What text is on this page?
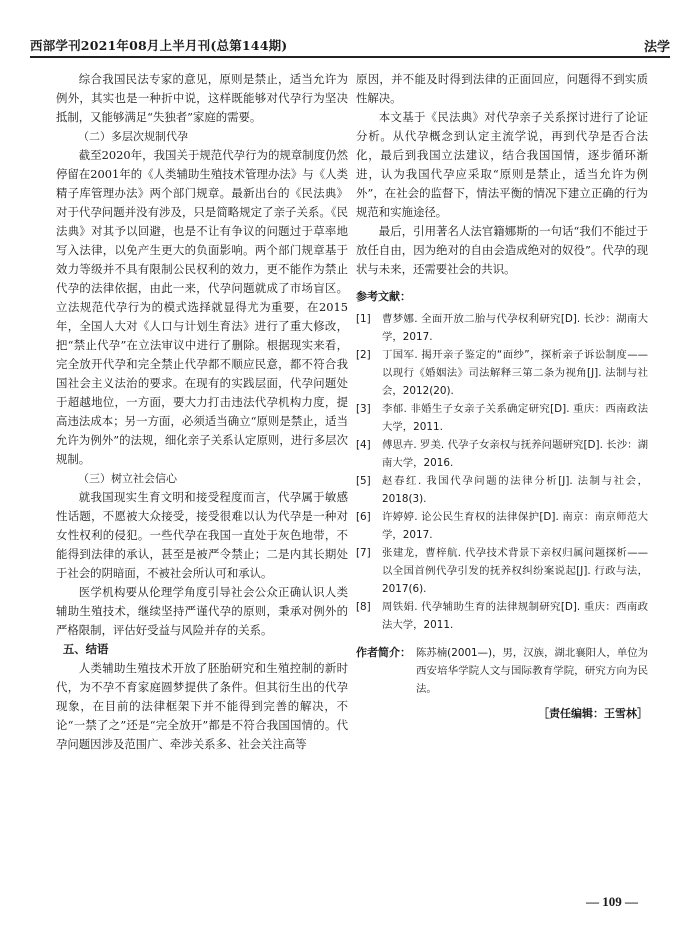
西部学刊2021年08月上半月刊(总第144期)	法学

综合我国民法专家的意见，原则是禁止，适当允许为例外，其实也是一种折中说，这样既能够对代孕行为坚决抵制，又能够满足“失独者”家庭的需要。

（二）多层次规制代孕

截至2020年，我国关于规范代孕行为的规章制度仍然停留在2001年的《人类辅助生殖技术管理办法》与《人类精子库管理办法》两个部门规章。最新出台的《民法典》对于代孕问题并没有涉及，只是简略规定了亲子关系。《民法典》对其予以回避，也是不让有争议的问题过于草率地写入法律，以免产生更大的负面影响。两个部门规章基于效力等级并不具有限制公民权利的效力，更不能作为禁止代孕的法律依据，由此一来，代孕问题就成了市场盲区。立法规范代孕行为的模式选择就显得尤为重要，在2015年，全国人大对《人口与计划生育法》进行了重大修改，把“禁止代孕”在立法审议中进行了删除。根据现实来看，完全放开代孕和完全禁止代孕都不顺应民意，都不符合我国社会主义法治的要求。在现有的实践层面，代孕问题处于超越地位，一方面，要大力打击违法代孕机构力度，提高违法成本；另一方面，必须适当确立“原则是禁止，适当允许为例外”的法规，细化亲子关系认定原则，进行多层次规制。

（三）树立社会信心

就我国现实生育文明和接受程度而言，代孕属于敏感性话题，不愿被大众接受，接受很难以认为代孕是一种对女性权利的侵犯。一些代孕在我国一直处于灰色地带，不能得到法律的承认，甚至是被严令禁止；二是内其长期处于社会的阴暗面，不被社会所认可和承认。

医学机构要从伦理学角度引导社会公众正确认识人类辅助生殖技术，继续坚持严谨代孕的原则，秉承对例外的严格限制，评估好受益与风险并存的关系。

五、结语

人类辅助生殖技术开放了胚胎研究和生殖控制的新时代，为不孕不育家庭圆梦提供了条件。但其衍生出的代孕现象，在目前的法律框架下并不能得到完善的解决，不论“一禁了之”还是“完全放开”都是不符合我国国情的。代孕问题因涉及范围广、牵涉关系多、社会关注高等

原因，并不能及时得到法律的正面回应，问题得不到实质性解决。

本文基于《民法典》对代孕亲子关系探讨进行了论证分析。从代孕概念到认定主流学说，再到代孕是否合法化，最后到我国立法建议，结合我国国情，逐步循环渐进，认为我国代孕应采取“原则是禁止，适当允许为例外”，在社会的监督下，情法平衡的情况下建立正确的行为规范和实施途径。

最后，引用著名人法官籍娜斯的一句话“我们不能过于放任自由，因为绝对的自由会造成绝对的奴役”。代孕的现状与未来，还需要社会的共识。

参考文献：
[1]	曹梦娜. 全面开放二胎与代孕权利研究[D]. 长沙：湖南大学，2017.
[2]	丁国军. 揭开亲子鉴定的“面纱”，探析亲子诉讼制度——以现行《婚姻法》司法解释三第二条为视角[J]. 法制与社会，2012(20).
[3]	李郁. 非婚生子女亲子关系确定研究[D]. 重庆：西南政法大学，2011.
[4]	傅思卉. 罗美. 代孕子女亲权与抚养问题研究[D]. 长沙：湖南大学，2016.
[5]	赵春红. 我国代孕问题的法律分析[J]. 法制与社会，2018(3).
[6]	许婷婷. 论公民生育权的法律保护[D]. 南京：南京师范大学，2017.
[7]	张建龙，曹梓航. 代孕技术背景下亲权归属问题探析——以全国首例代孕引发的抚养权纠纷案说起[J]. 行政与法，2017(6).
[8]	周铁娟. 代孕辅助生育的法律规制研究[D]. 重庆：西南政法大学，2011.
作者简介： 陈苏楠(2001—)，男，汉族，湖北襄阳人，单位为西安培华学院人文与国际教育学院，研究方向为民法。
［责任编辑：王雪林］
— 109 —
